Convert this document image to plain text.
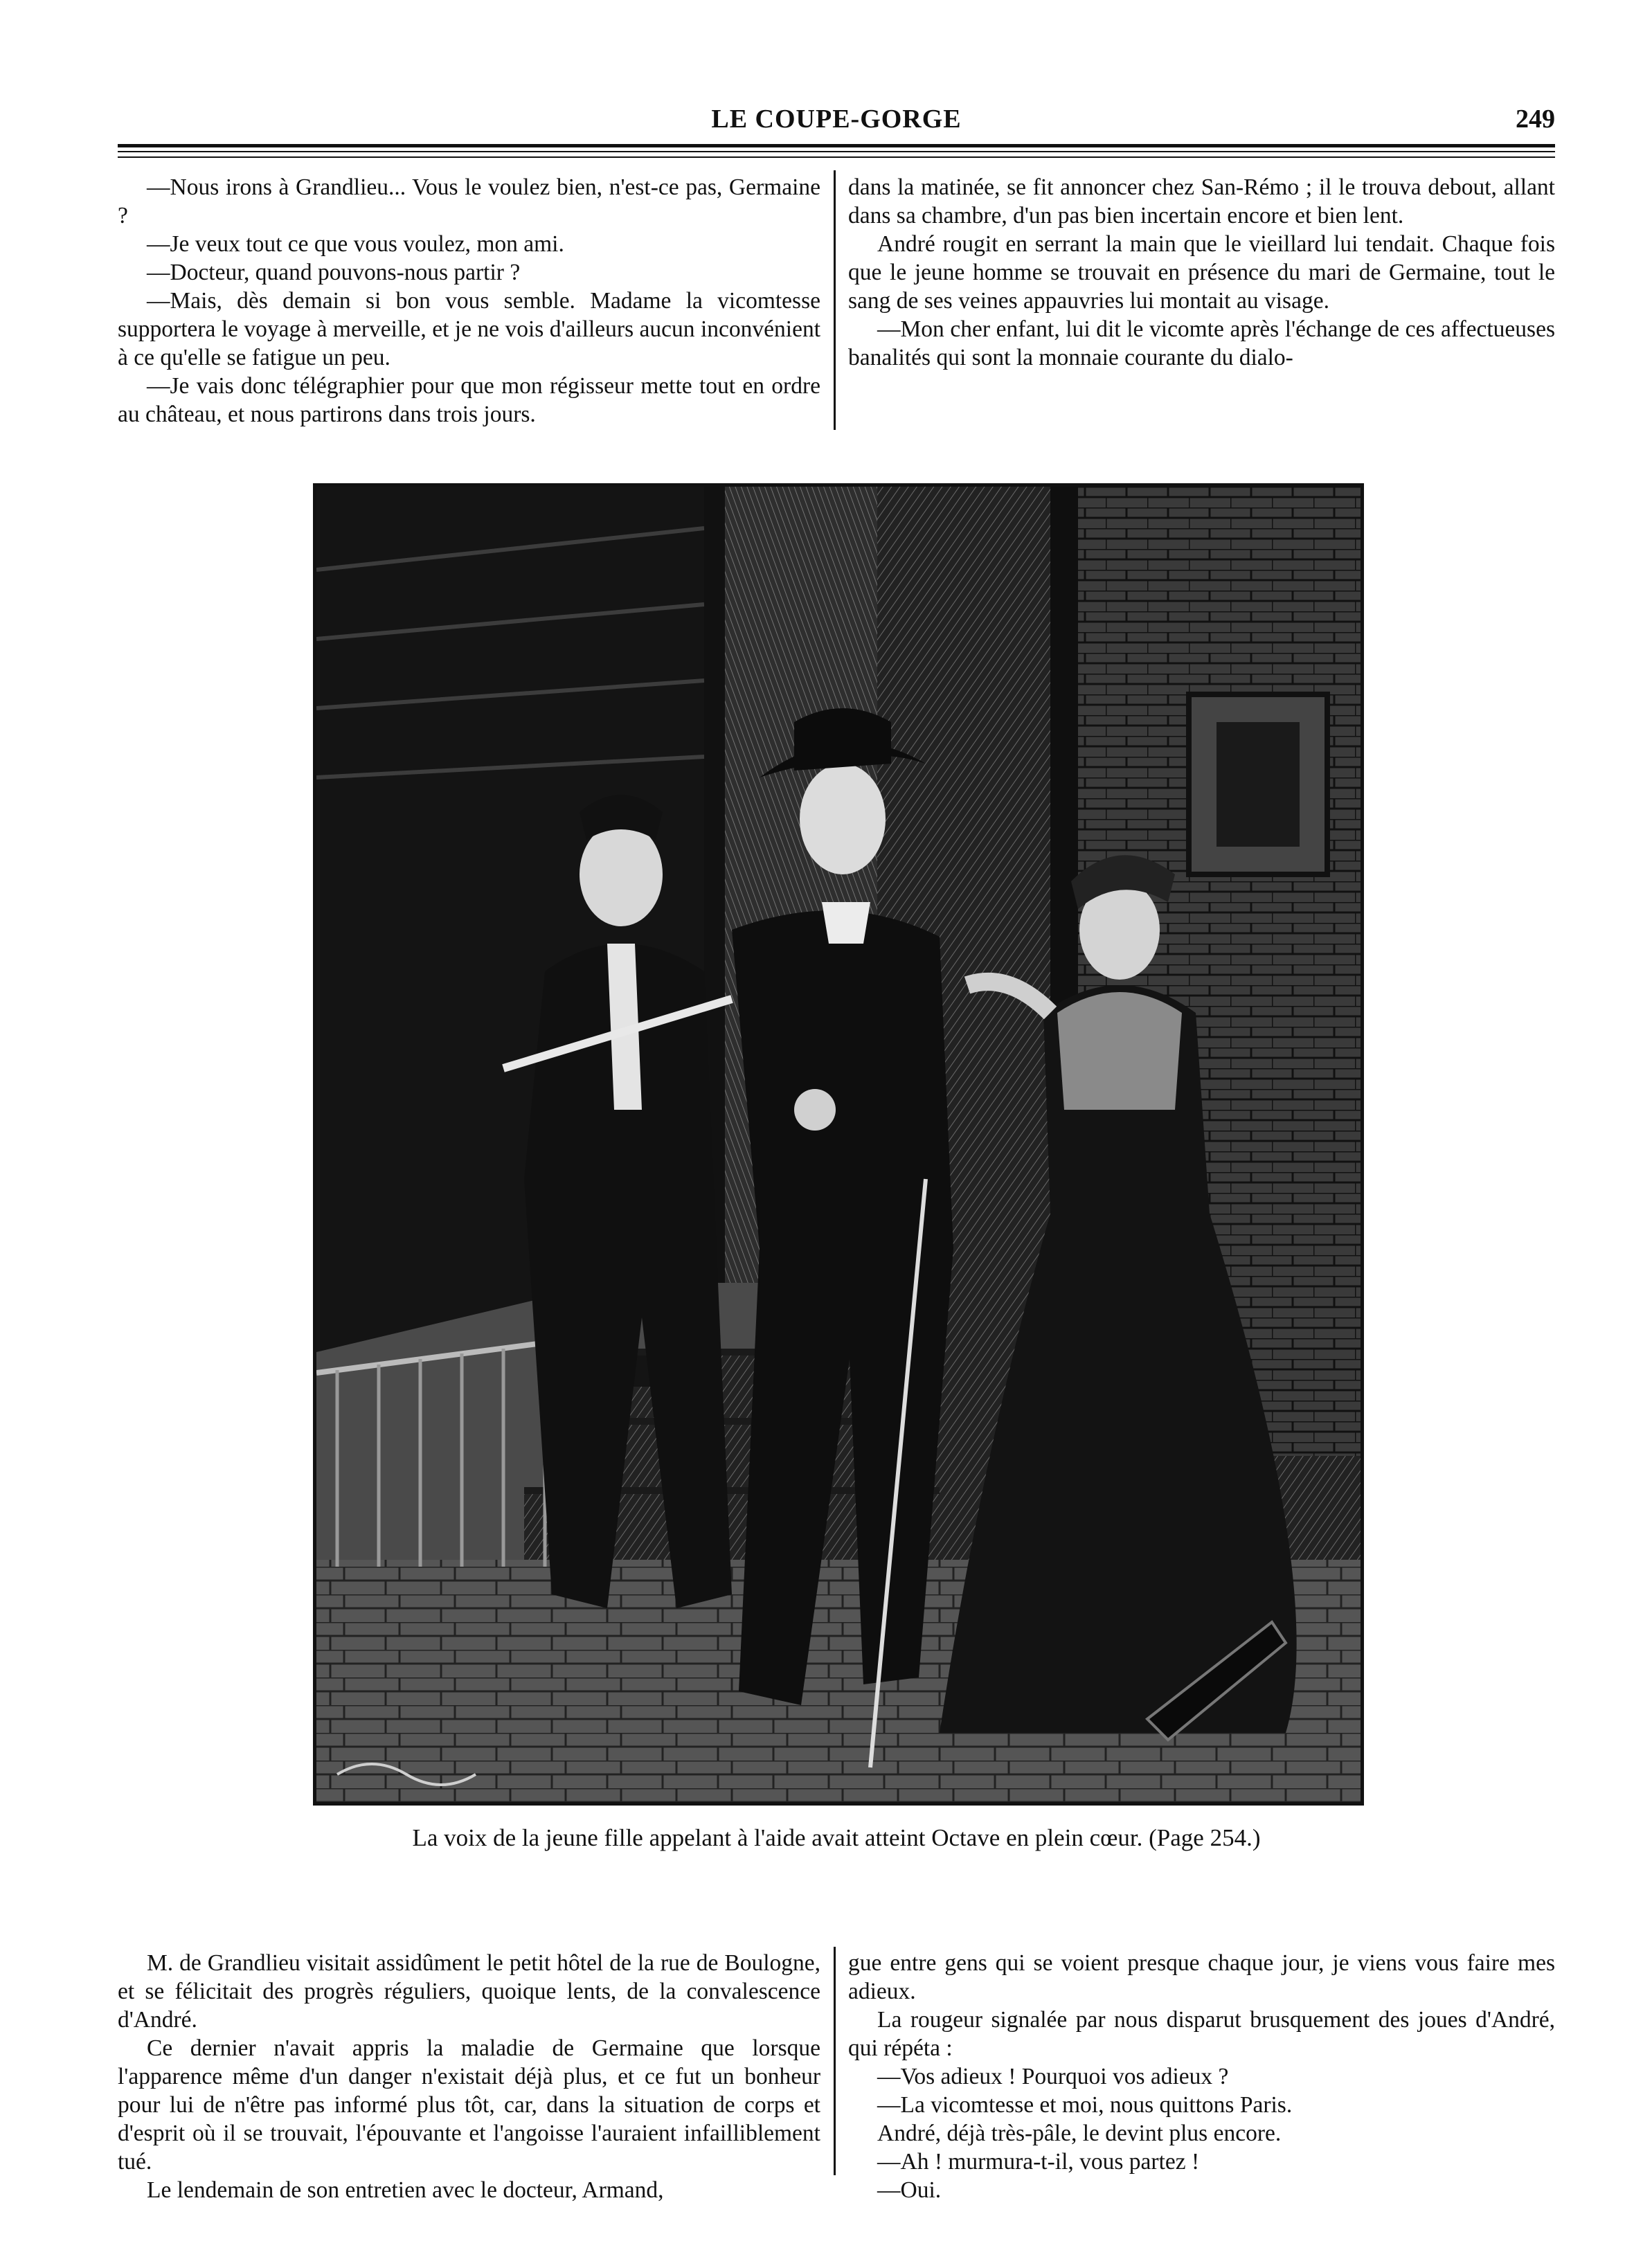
LE COUPE-GORGE	249

—Nous irons à Grandlieu... Vous le voulez bien, n'est-ce pas, Germaine ?

—Je veux tout ce que vous voulez, mon ami.

—Docteur, quand pouvons-nous partir ?

—Mais, dès demain si bon vous semble. Madame la vicomtesse supportera le voyage à merveille, et je ne vois d'ailleurs aucun inconvénient à ce qu'elle se fatigue un peu.

—Je vais donc télégraphier pour que mon régisseur mette tout en ordre au château, et nous partirons dans trois jours.

dans la matinée, se fit annoncer chez San-Rémo ; il le trouva debout, allant dans sa chambre, d'un pas bien incertain encore et bien lent.

André rougit en serrant la main que le vieillard lui tendait. Chaque fois que le jeune homme se trouvait en présence du mari de Germaine, tout le sang de ses veines appauvries lui montait au visage.

—Mon cher enfant, lui dit le vicomte après l'échange de ces affectueuses banalités qui sont la monnaie courante du dialo-

La voix de la jeune fille appelant à l'aide avait atteint Octave en plein cœur. (Page 254.)

M. de Grandlieu visitait assidûment le petit hôtel de la rue de Boulogne, et se félicitait des progrès réguliers, quoique lents, de la convalescence d'André.

Ce dernier n'avait appris la maladie de Germaine que lorsque l'apparence même d'un danger n'existait déjà plus, et ce fut un bonheur pour lui de n'être pas informé plus tôt, car, dans la situation de corps et d'esprit où il se trouvait, l'épouvante et l'angoisse l'auraient infailliblement tué.

Le lendemain de son entretien avec le docteur, Armand,

gue entre gens qui se voient presque chaque jour, je viens vous faire mes adieux.

La rougeur signalée par nous disparut brusquement des joues d'André, qui répéta :

—Vos adieux ! Pourquoi vos adieux ?

—La vicomtesse et moi, nous quittons Paris.

André, déjà très-pâle, le devint plus encore.

—Ah ! murmura-t-il, vous partez !

—Oui.
